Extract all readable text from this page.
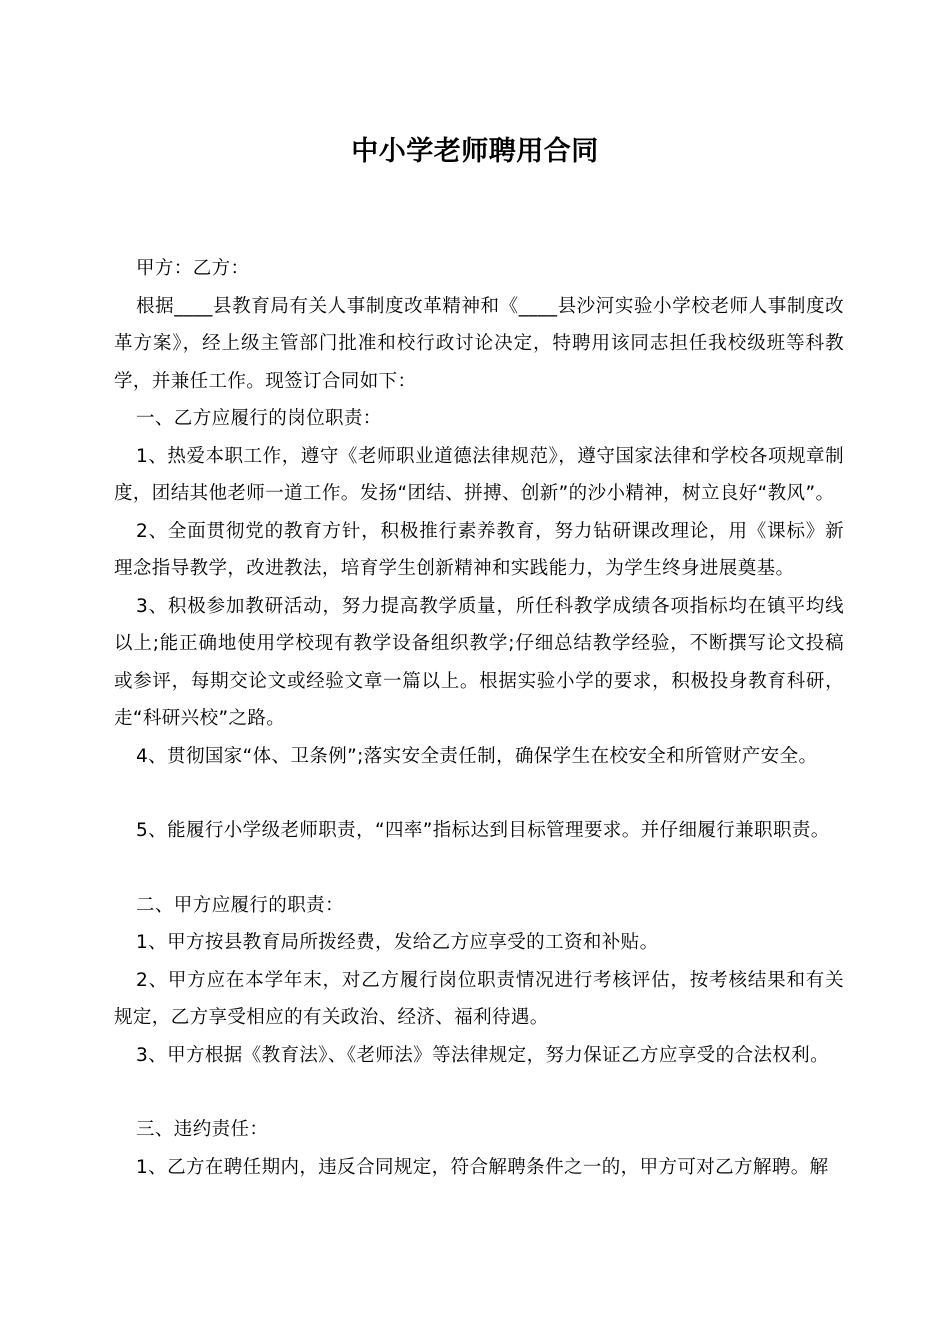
中小学老师聘用合同

甲方：乙方：

根据____县教育局有关人事制度改革精神和《____县沙河实验小学校老师人事制度改革方案》，经上级主管部门批准和校行政讨论决定，特聘用该同志担任我校级班等科教学，并兼任工作。现签订合同如下：

一、乙方应履行的岗位职责：

1、热爱本职工作，遵守《老师职业道德法律规范》，遵守国家法律和学校各项规章制度，团结其他老师一道工作。发扬“团结、拼搏、创新”的沙小精神，树立良好“教风”。

2、全面贯彻党的教育方针，积极推行素养教育，努力钻研课改理论，用《课标》新理念指导教学，改进教法，培育学生创新精神和实践能力，为学生终身进展奠基。

3、积极参加教研活动，努力提高教学质量，所任科教学成绩各项指标均在镇平均线以上;能正确地使用学校现有教学设备组织教学;仔细总结教学经验，不断撰写论文投稿或参评，每期交论文或经验文章一篇以上。根据实验小学的要求，积极投身教育科研，走“科研兴校”之路。

4、贯彻国家“体、卫条例”;落实安全责任制，确保学生在校安全和所管财产安全。

5、能履行小学级老师职责，“四率”指标达到目标管理要求。并仔细履行兼职职责。

二、甲方应履行的职责：

1、甲方按县教育局所拨经费，发给乙方应享受的工资和补贴。

2、甲方应在本学年末，对乙方履行岗位职责情况进行考核评估，按考核结果和有关规定，乙方享受相应的有关政治、经济、福利待遇。

3、甲方根据《教育法》、《老师法》等法律规定，努力保证乙方应享受的合法权利。

三、违约责任：

1、乙方在聘任期内，违反合同规定，符合解聘条件之一的，甲方可对乙方解聘。解
